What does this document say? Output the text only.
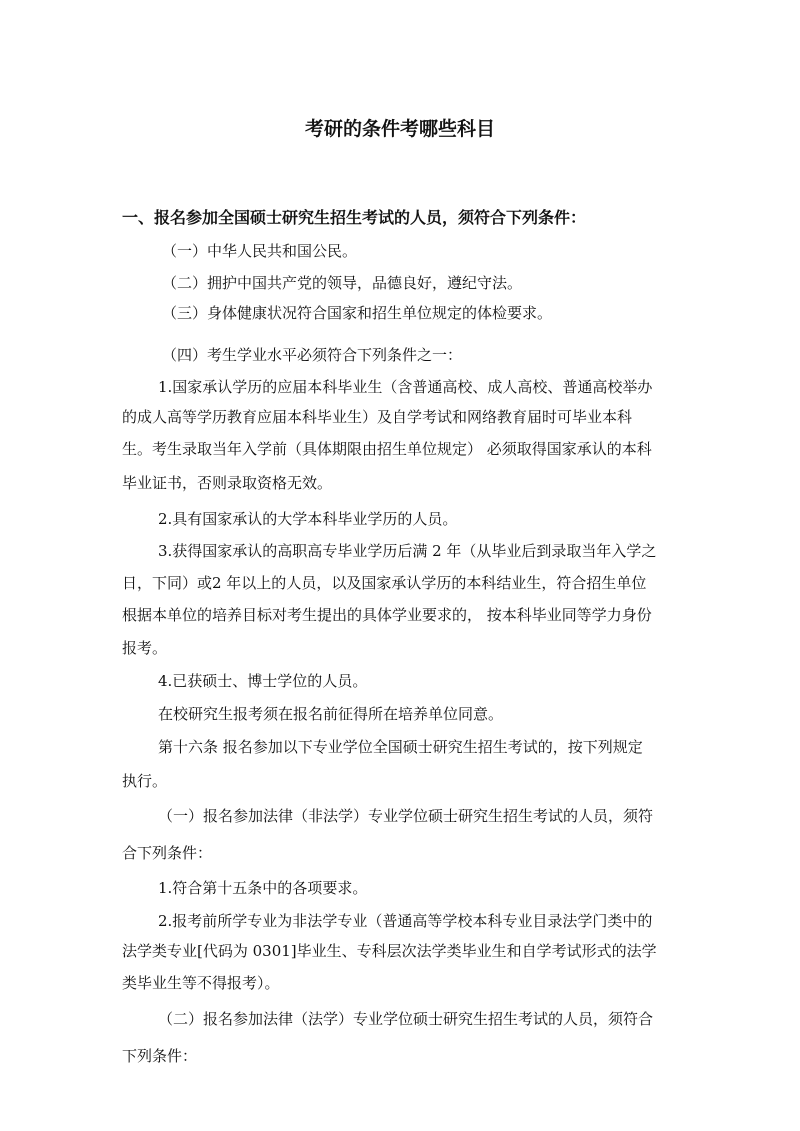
考研的条件考哪些科目

一、报名参加全国硕士研究生招生考试的人员，须符合下列条件：

（一）中华人民共和国公民。

（二）拥护中国共产党的领导，品德良好，遵纪守法。

（三）身体健康状况符合国家和招生单位规定的体检要求。

（四）考生学业水平必须符合下列条件之一：

1.国家承认学历的应届本科毕业生（含普通高校、成人高校、普通高校举办

的成人高等学历教育应届本科毕业生）及自学考试和网络教育届时可毕业本科

生。考生录取当年入学前（具体期限由招生单位规定） 必须取得国家承认的本科

毕业证书，否则录取资格无效。

2.具有国家承认的大学本科毕业学历的人员。

3.获得国家承认的高职高专毕业学历后满 2 年（从毕业后到录取当年入学之

日，下同）或2 年以上的人员，以及国家承认学历的本科结业生，符合招生单位

根据本单位的培养目标对考生提出的具体学业要求的， 按本科毕业同等学力身份

报考。

4.已获硕士、博士学位的人员。

在校研究生报考须在报名前征得所在培养单位同意。

第十六条 报名参加以下专业学位全国硕士研究生招生考试的，按下列规定

执行。

（一）报名参加法律（非法学）专业学位硕士研究生招生考试的人员，须符

合下列条件：

1.符合第十五条中的各项要求。

2.报考前所学专业为非法学专业（普通高等学校本科专业目录法学门类中的

法学类专业[代码为 0301]毕业生、专科层次法学类毕业生和自学考试形式的法学

类毕业生等不得报考）。

（二）报名参加法律（法学）专业学位硕士研究生招生考试的人员，须符合

下列条件：
